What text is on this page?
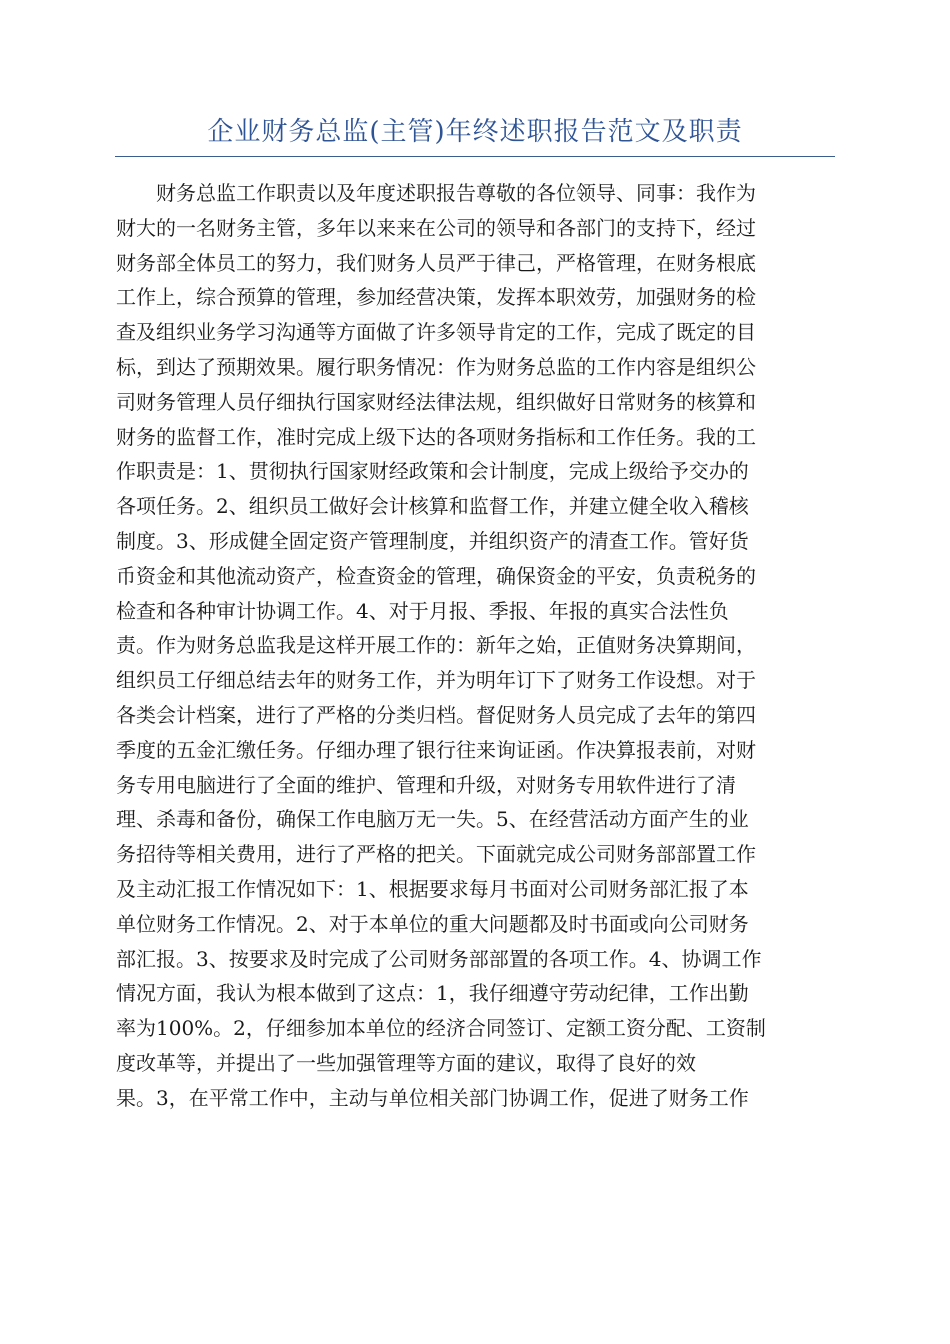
企业财务总监(主管)年终述职报告范文及职责
财务总监工作职责以及年度述职报告尊敬的各位领导、同事：我作为
财大的一名财务主管，多年以来来在公司的领导和各部门的支持下，经过
财务部全体员工的努力，我们财务人员严于律己，严格管理，在财务根底
工作上，综合预算的管理，参加经营决策，发挥本职效劳，加强财务的检
查及组织业务学习沟通等方面做了许多领导肯定的工作，完成了既定的目
标，到达了预期效果。履行职务情况：作为财务总监的工作内容是组织公
司财务管理人员仔细执行国家财经法律法规，组织做好日常财务的核算和
财务的监督工作，准时完成上级下达的各项财务指标和工作任务。我的工
作职责是：1、贯彻执行国家财经政策和会计制度，完成上级给予交办的
各项任务。2、组织员工做好会计核算和监督工作，并建立健全收入稽核
制度。3、形成健全固定资产管理制度，并组织资产的清查工作。管好货
币资金和其他流动资产，检查资金的管理，确保资金的平安，负责税务的
检查和各种审计协调工作。4、对于月报、季报、年报的真实合法性负
责。作为财务总监我是这样开展工作的：新年之始，正值财务决算期间，
组织员工仔细总结去年的财务工作，并为明年订下了财务工作设想。对于
各类会计档案，进行了严格的分类归档。督促财务人员完成了去年的第四
季度的五金汇缴任务。仔细办理了银行往来询证函。作决算报表前，对财
务专用电脑进行了全面的维护、管理和升级，对财务专用软件进行了清
理、杀毒和备份，确保工作电脑万无一失。5、在经营活动方面产生的业
务招待等相关费用，进行了严格的把关。下面就完成公司财务部部置工作
及主动汇报工作情况如下：1、根据要求每月书面对公司财务部汇报了本
单位财务工作情况。2、对于本单位的重大问题都及时书面或向公司财务
部汇报。3、按要求及时完成了公司财务部部置的各项工作。4、协调工作
情况方面，我认为根本做到了这点：1，我仔细遵守劳动纪律，工作出勤
率为100%。2，仔细参加本单位的经济合同签订、定额工资分配、工资制
度改革等，并提出了一些加强管理等方面的建议，取得了良好的效
果。3，在平常工作中，主动与单位相关部门协调工作，促进了财务工作
